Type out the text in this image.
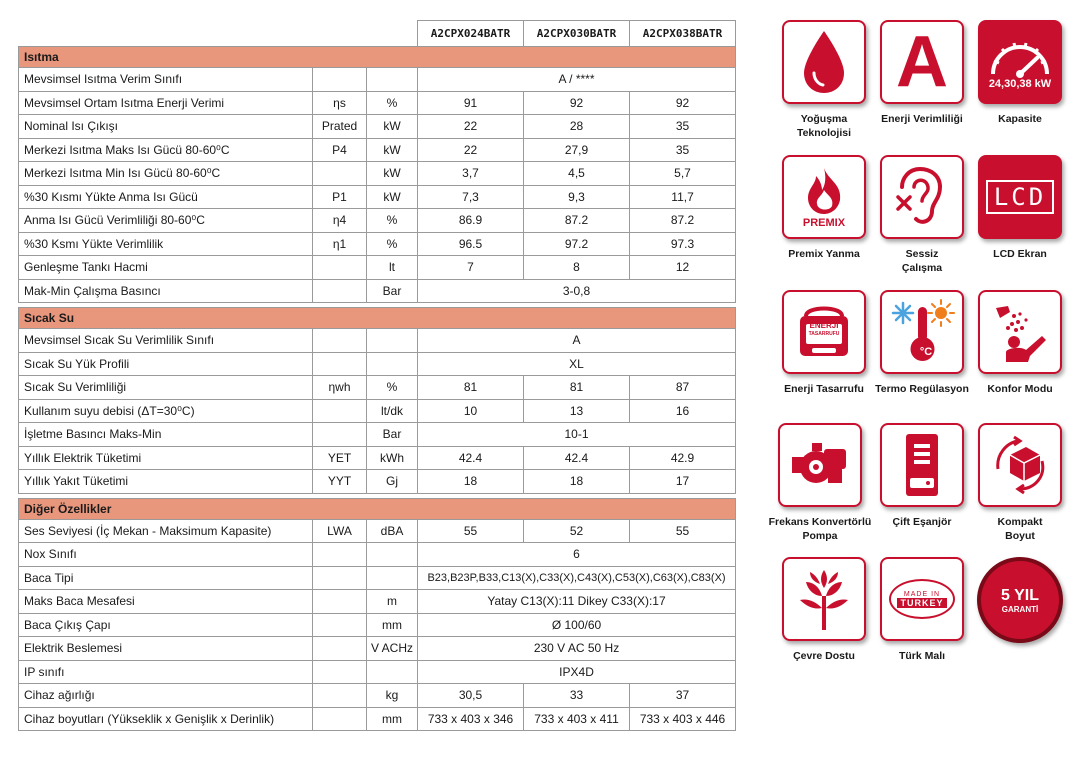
			A2CPX024BATR	A2CPX030BATR	A2CPX038BATR
Isıtma					
Mevsimsel Isıtma Verim Sınıfı			A / ****		
Mevsimsel Ortam Isıtma Enerji Verimi	ηs	%	91	92	92
Nominal Isı Çıkışı	Prated	kW	22	28	35
Merkezi Isıtma Maks Isı Gücü 80-60⁰C	P4	kW	22	27,9	35
Merkezi Isıtma Min Isı Gücü 80-60⁰C		kW	3,7	4,5	5,7
%30 Kısmı Yükte Anma Isı Gücü	P1	kW	7,3	9,3	11,7
Anma Isı Gücü Verimliliği 80-60⁰C	η4	%	86.9	87.2	87.2
%30 Ksmı Yükte Verimlilik	η1	%	96.5	97.2	97.3
Genleşme Tankı Hacmi		lt	7	8	12
Mak-Min Çalışma Basıncı		Bar	3-0,8		

Sıcak Su					
Mevsimsel Sıcak Su Verimlilik Sınıfı			A		
Sıcak Su Yük Profili			XL		
Sıcak Su Verimliliği	ηwh	%	81	81	87
Kullanım suyu debisi (ΔT=30⁰C)		lt/dk	10	13	16
İşletme Basıncı Maks-Min		Bar	10-1		
Yıllık Elektrik Tüketimi	YET	kWh	42.4	42.4	42.9
Yıllık Yakıt Tüketimi	YYT	Gj	18	18	17

Diğer Özellikler					
Ses Seviyesi (İç Mekan - Maksimum Kapasite)	LWA	dBA	55	52	55
Nox Sınıfı			6		
Baca Tipi			B23,B23P,B33,C13(X),C33(X),C43(X),C53(X),C63(X),C83(X)		
Maks Baca Mesafesi		m	Yatay C13(X):11 Dikey C33(X):17		
Baca Çıkış Çapı		mm	Ø 100/60		
Elektrik Beslemesi		V ACHz	230 V AC 50 Hz		
IP sınıfı			IPX4D		
Cihaz ağırlığı		kg	30,5	33	37
Cihaz boyutları (Yükseklik x Genişlik x Derinlik)		mm	733 x 403 x 346	733 x 403 x 411	733 x 403 x 446
Yoğuşma Teknolojisi
A
Enerji Verimliliği
24,30,38 kW
Kapasite
PREMIX
Premix Yanma	Sessiz Çalışma
LCD
LCD Ekran
ENERJİ
TASARRUFU
Enerji Tasarrufu
°C
Termo Regülasyon	Konfor Modu
Frekans Konvertörlü Pompa
Çift Eşanjör	Kompakt Boyut
Çevre Dostu
MADE IN
TURKEY
Türk Malı
5 YIL
GARANTİ
